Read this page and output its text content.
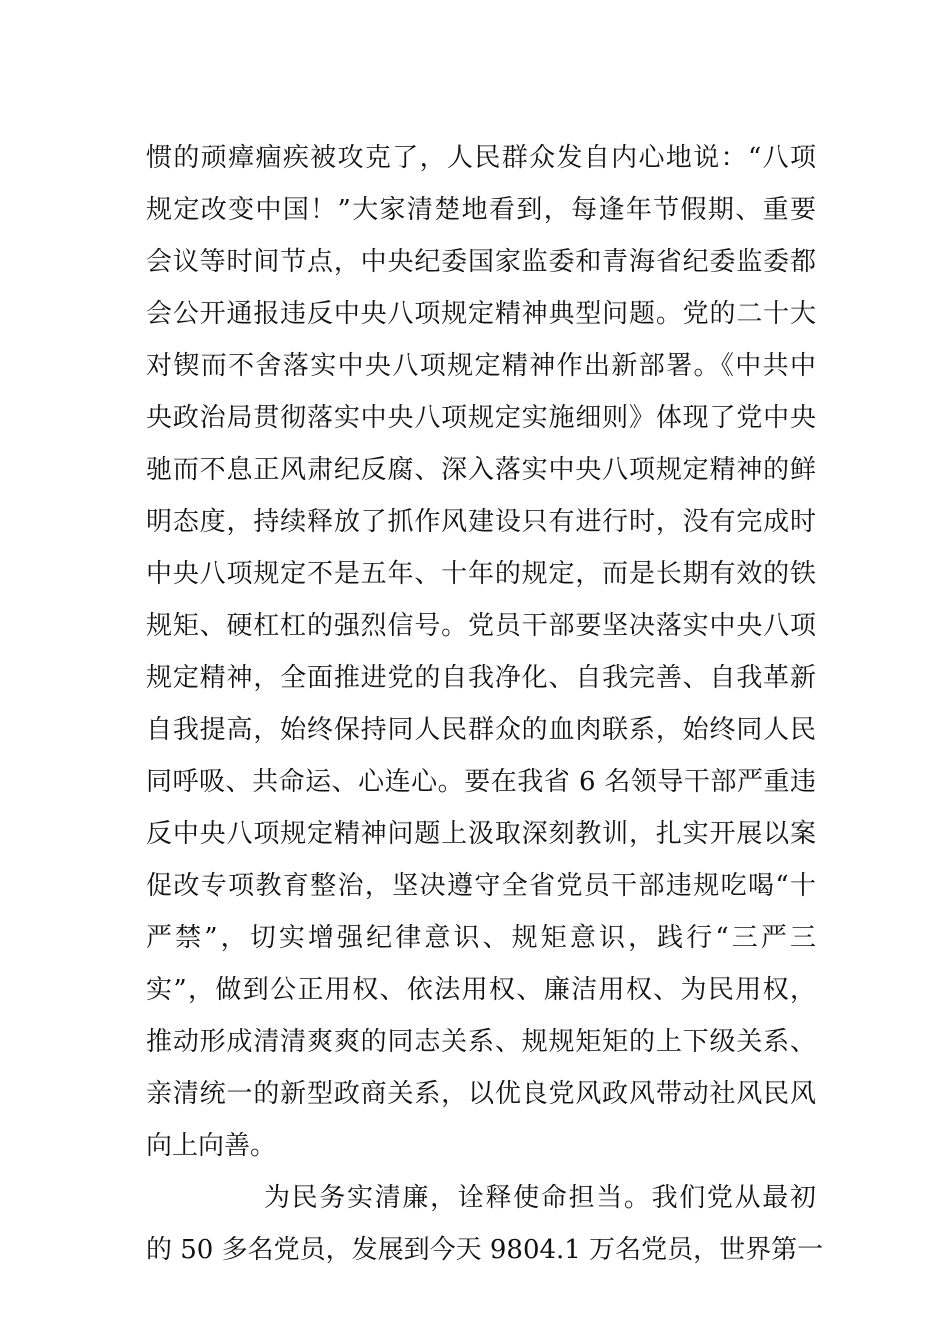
惯的顽瘴痼疾被攻克了，人民群众发自内心地说：“八项
规定改变中国！”大家清楚地看到，每逢年节假期、重要
会议等时间节点，中央纪委国家监委和青海省纪委监委都
会公开通报违反中央八项规定精神典型问题。党的二十大
对锲而不舍落实中央八项规定精神作出新部署。《中共中
央政治局贯彻落实中央八项规定实施细则》体现了党中央
驰而不息正风肃纪反腐、深入落实中央八项规定精神的鲜
明态度，持续释放了抓作风建设只有进行时，没有完成时
中央八项规定不是五年、十年的规定，而是长期有效的铁
规矩、硬杠杠的强烈信号。党员干部要坚决落实中央八项
规定精神，全面推进党的自我净化、自我完善、自我革新
自我提高，始终保持同人民群众的血肉联系，始终同人民
同呼吸、共命运、心连心。要在我省 6 名领导干部严重违
反中央八项规定精神问题上汲取深刻教训，扎实开展以案
促改专项教育整治，坚决遵守全省党员干部违规吃喝“十
严禁”，切实增强纪律意识、规矩意识，践行“三严三
实”，做到公正用权、依法用权、廉洁用权、为民用权，
推动形成清清爽爽的同志关系、规规矩矩的上下级关系、
亲清统一的新型政商关系，以优良党风政风带动社风民风
向上向善。
为民务实清廉，诠释使命担当。我们党从最初
的 50 多名党员，发展到今天 9804.1 万名党员，世界第一
